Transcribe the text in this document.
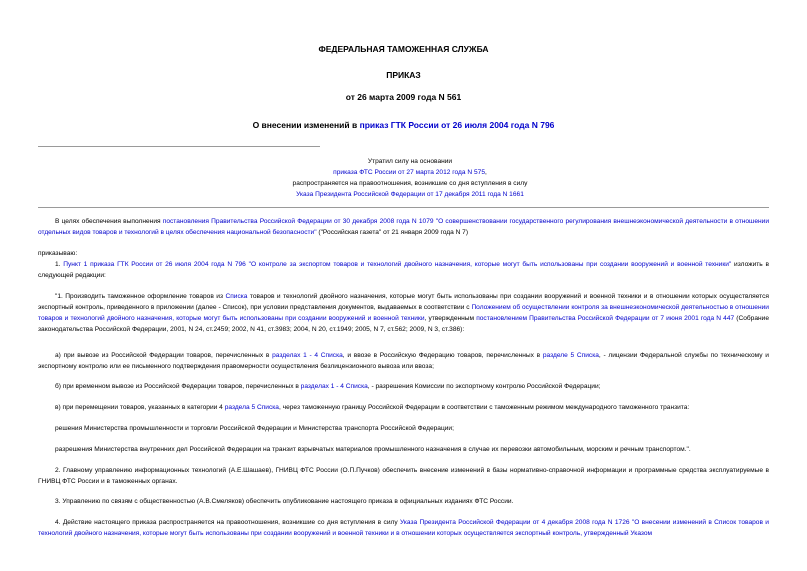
ФЕДЕРАЛЬНАЯ ТАМОЖЕННАЯ СЛУЖБА
ПРИКАЗ
от 26 марта 2009 года N 561
О внесении изменений в приказ ГТК России от 26 июля 2004 года N 796
Утратил силу на основании
приказа ФТС России от 27 марта 2012 года N 575,
распространяется на правоотношения, возникшие со дня вступления в силу
Указа Президента Российской Федерации от 17 декабря 2011 года N 1661
В целях обеспечения выполнения постановления Правительства Российской Федерации от 30 декабря 2008 года N 1079 "О совершенствовании государственного регулирования внешнеэкономической деятельности в отношении отдельных видов товаров и технологий в целях обеспечения национальной безопасности" ("Российская газета" от 21 января 2009 года N 7)
приказываю:
1. Пункт 1 приказа ГТК России от 26 июля 2004 года N 796 "О контроле за экспортом товаров и технологий двойного назначения, которые могут быть использованы при создании вооружений и военной техники" изложить в следующей редакции:
"1. Производить таможенное оформление товаров из Списка товаров и технологий двойного назначения, которые могут быть использованы при создании вооружений и военной техники и в отношении которых осуществляется экспортный контроль, приведенного в приложении (далее - Список), при условии представления документов, выдаваемых в соответствии с Положением об осуществлении контроля за внешнеэкономической деятельностью в отношении товаров и технологий двойного назначения, которые могут быть использованы при создании вооружений и военной техники, утвержденным постановлением Правительства Российской Федерации от 7 июня 2001 года N 447 (Собрание законодательства Российской Федерации, 2001, N 24, ст.2459; 2002, N 41, ст.3983; 2004, N 20, ст.1949; 2005, N 7, ст.562; 2009, N 3, ст.386):
а) при вывозе из Российской Федерации товаров, перечисленных в разделах 1 - 4 Списка, и ввозе в Российскую Федерацию товаров, перечисленных в разделе 5 Списка, - лицензии Федеральной службы по техническому и экспортному контролю или ее письменного подтверждения правомерности осуществления безлицензионного вывоза или ввоза;
б) при временном вывозе из Российской Федерации товаров, перечисленных в разделах 1 - 4 Списка, - разрешения Комиссии по экспортному контролю Российской Федерации;
в) при перемещении товаров, указанных в категории 4 раздела 5 Списка, через таможенную границу Российской Федерации в соответствии с таможенным режимом международного таможенного транзита:
решения Министерства промышленности и торговли Российской Федерации и Министерства транспорта Российской Федерации;
разрешения Министерства внутренних дел Российской Федерации на транзит взрывчатых материалов промышленного назначения в случае их перевозки автомобильным, морским и речным транспортом.".
2. Главному управлению информационных технологий (А.Е.Шашаев), ГНИВЦ ФТС России (О.П.Пучков) обеспечить внесение изменений в базы нормативно-справочной информации и программные средства эксплуатируемые в ГНИВЦ ФТС России и в таможенных органах.
3. Управлению по связям с общественностью (А.В.Смеляков) обеспечить опубликование настоящего приказа в официальных изданиях ФТС России.
4. Действие настоящего приказа распространяется на правоотношения, возникшие со дня вступления в силу Указа Президента Российской Федерации от 4 декабря 2008 года N 1726 "О внесении изменений в Список товаров и технологий двойного назначения, которые могут быть использованы при создании вооружений и военной техники и в отношении которых осуществляется экспортный контроль, утвержденный Указом
